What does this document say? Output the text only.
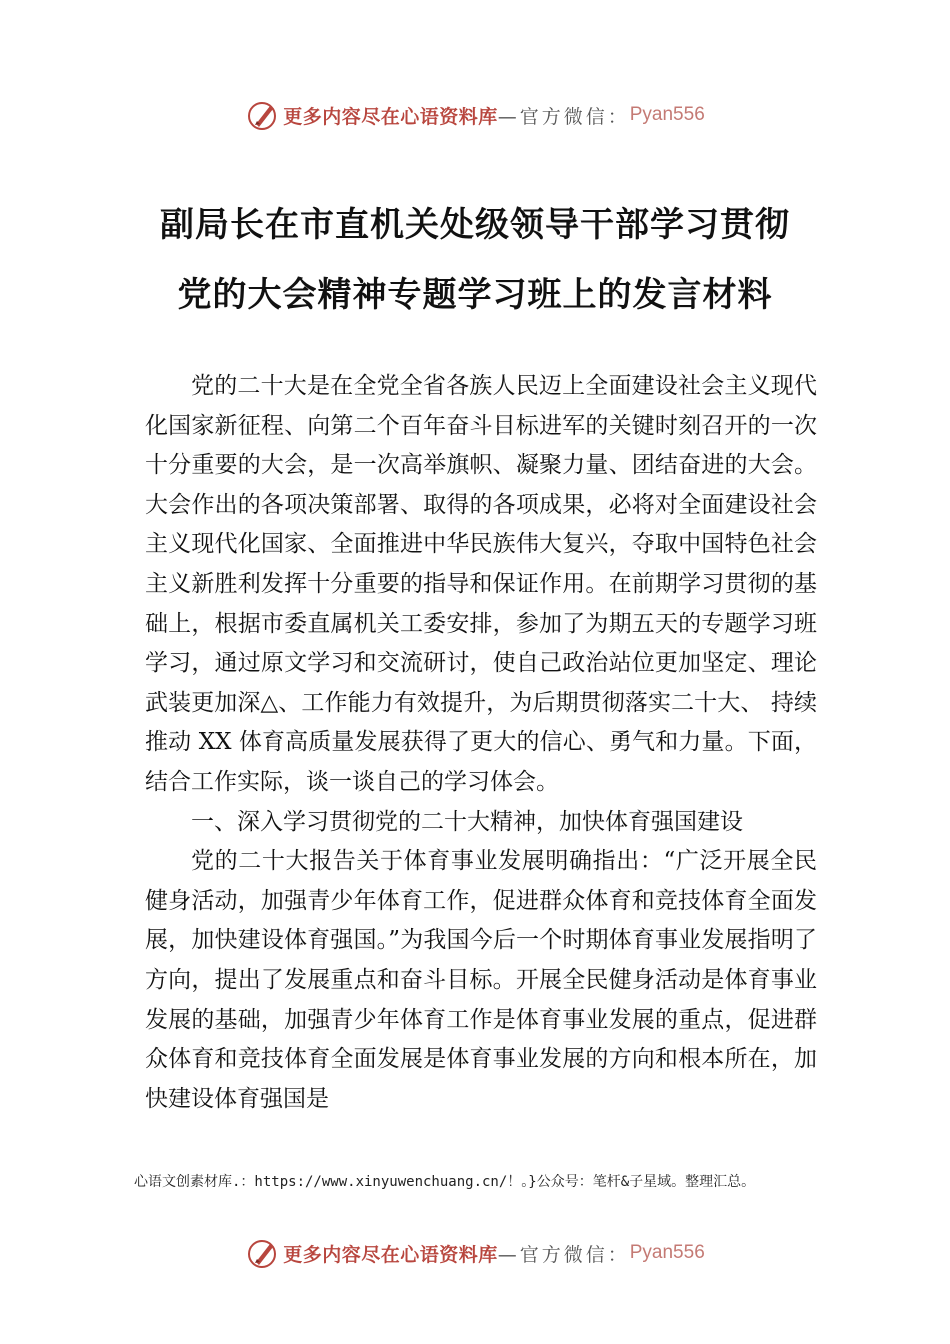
更多内容尽在心语资料库 —官方微信： Pyan556
副局长在市直机关处级领导干部学习贯彻
党的大会精神专题学习班上的发言材料

党的二十大是在全党全省各族人民迈上全面建设社会主义现代化国家新征程、向第二个百年奋斗目标进军的关键时刻召开的一次十分重要的大会，是一次高举旗帜、凝聚力量、团结奋进的大会。大会作出的各项决策部署、取得的各项成果，必将对全面建设社会主义现代化国家、全面推进中华民族伟大复兴，夺取中国特色社会主义新胜利发挥十分重要的指导和保证作用。在前期学习贯彻的基础上，根据市委直属机关工委安排，参加了为期五天的专题学习班学习，通过原文学习和交流研讨，使自己政治站位更加坚定、理论武装更加深△、工作能力有效提升，为后期贯彻落实二十大、 持续推动 XX 体育高质量发展获得了更大的信心、勇气和力量。下面，结合工作实际，谈一谈自己的学习体会。

一、深入学习贯彻党的二十大精神，加快体育强国建设

党的二十大报告关于体育事业发展明确指出：“广泛开展全民健身活动，加强青少年体育工作，促进群众体育和竞技体育全面发展，加快建设体育强国。”为我国今后一个时期体育事业发展指明了方向，提出了发展重点和奋斗目标。开展全民健身活动是体育事业发展的基础，加强青少年体育工作是体育事业发展的重点，促进群众体育和竞技体育全面发展是体育事业发展的方向和根本所在，加快建设体育强国是

心语文创素材库.：https://www.xinyuwenchuang.cn/！。}公众号：笔杆&子星域。整理汇总。
更多内容尽在心语资料库 —官方微信： Pyan556
